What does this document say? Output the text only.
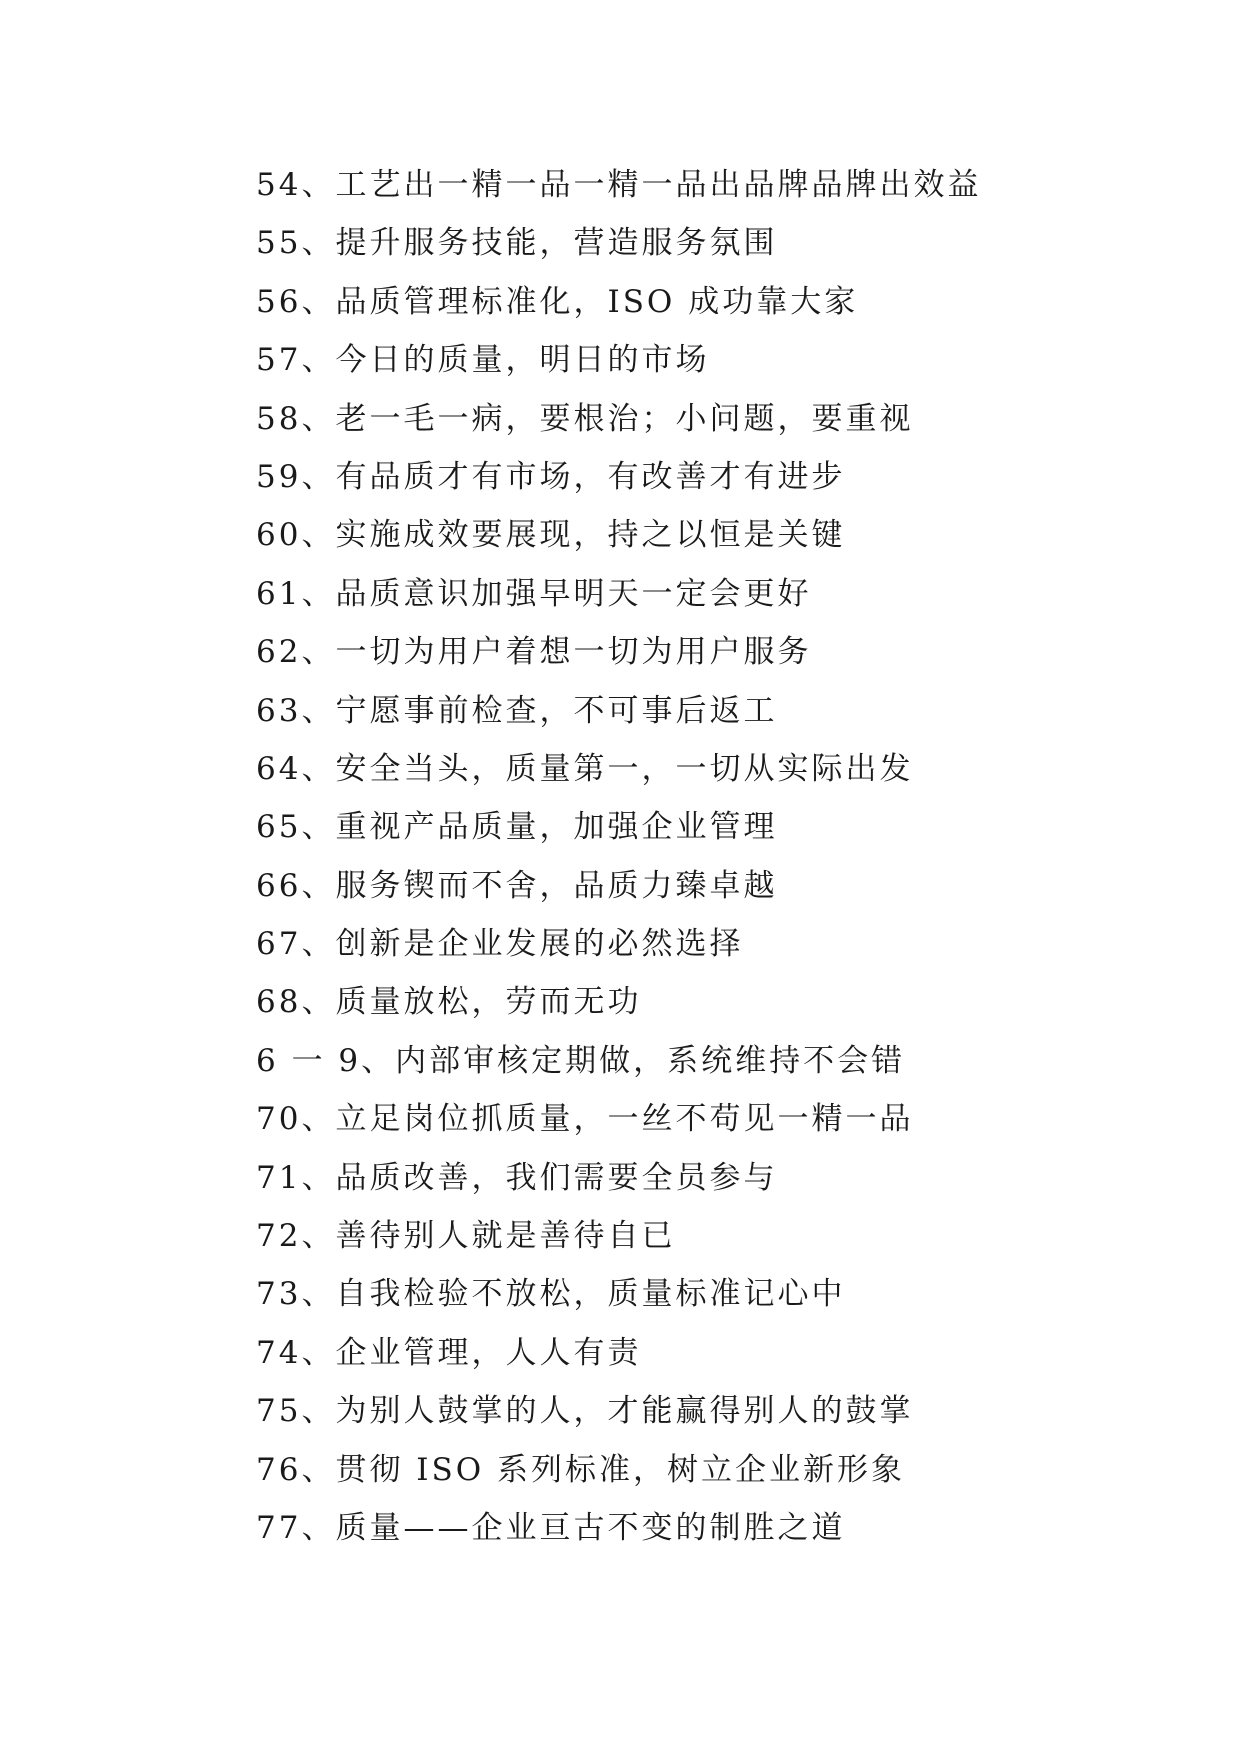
54、工艺出一精一品一精一品出品牌品牌出效益
55、提升服务技能，营造服务氛围
56、品质管理标准化，ISO 成功靠大家
57、今日的质量，明日的市场
58、老一毛一病，要根治；小问题，要重视
59、有品质才有市场，有改善才有进步
60、实施成效要展现，持之以恒是关键
61、品质意识加强早明天一定会更好
62、一切为用户着想一切为用户服务
63、宁愿事前检查，不可事后返工
64、安全当头，质量第一，一切从实际出发
65、重视产品质量，加强企业管理
66、服务锲而不舍，品质力臻卓越
67、创新是企业发展的必然选择
68、质量放松，劳而无功
6 一 9、内部审核定期做，系统维持不会错
70、立足岗位抓质量，一丝不苟见一精一品
71、品质改善，我们需要全员参与
72、善待别人就是善待自已
73、自我检验不放松，质量标准记心中
74、企业管理，人人有责
75、为别人鼓掌的人，才能赢得别人的鼓掌
76、贯彻 ISO 系列标准，树立企业新形象
77、质量——企业亘古不变的制胜之道
